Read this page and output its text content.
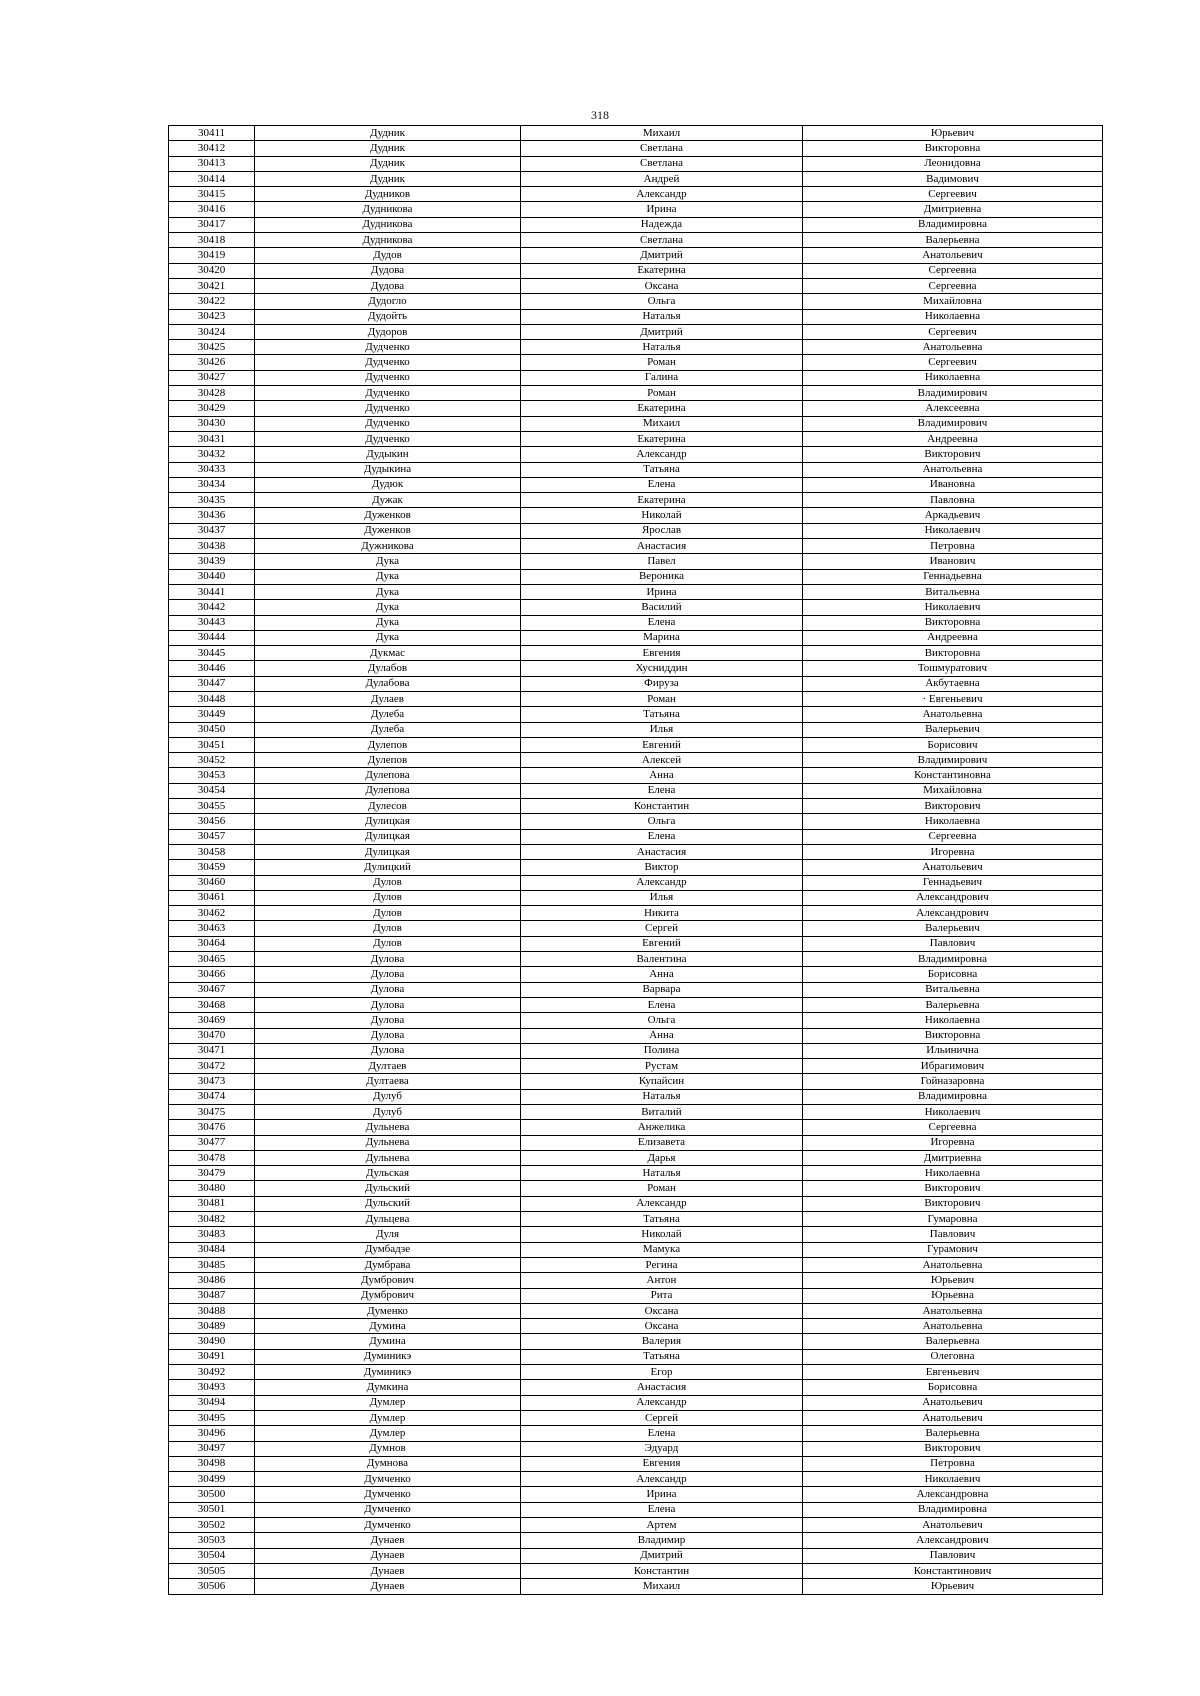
318
30411	Дудник	Михаил	Юрьевич
30412	Дудник	Светлана	Викторовна
30413	Дудник	Светлана	Леонидовна
30414	Дудник	Андрей	Вадимович
30415	Дудников	Александр	Сергеевич
30416	Дудникова	Ирина	Дмитриевна
30417	Дудникова	Надежда	Владимировна
30418	Дудникова	Светлана	Валерьевна
30419	Дудов	Дмитрий	Анатольевич
30420	Дудова	Екатерина	Сергеевна
30421	Дудова	Оксана	Сергеевна
30422	Дудогло	Ольга	Михайловна
30423	Дудойть	Наталья	Николаевна
30424	Дудоров	Дмитрий	Сергеевич
30425	Дудченко	Наталья	Анатольевна
30426	Дудченко	Роман	Сергеевич
30427	Дудченко	Галина	Николаевна
30428	Дудченко	Роман	Владимирович
30429	Дудченко	Екатерина	Алексеевна
30430	Дудченко	Михаил	Владимирович
30431	Дудченко	Екатерина	Андреевна
30432	Дудыкин	Александр	Викторович
30433	Дудыкина	Татьяна	Анатольевна
30434	Дудюк	Елена	Ивановна
30435	Дужак	Екатерина	Павловна
30436	Дуженков	Николай	Аркадьевич
30437	Дуженков	Ярослав	Николаевич
30438	Дужникова	Анастасия	Петровна
30439	Дука	Павел	Иванович
30440	Дука	Вероника	Геннадьевна
30441	Дука	Ирина	Витальевна
30442	Дука	Василий	Николаевич
30443	Дука	Елена	Викторовна
30444	Дука	Марина	Андреевна
30445	Дукмас	Евгения	Викторовна
30446	Дулабов	Хусниддин	Тошмуратович
30447	Дулабова	Фируза	Акбутаевна
30448	Дулаев	Роман	· Евгеньевич
30449	Дулеба	Татьяна	Анатольевна
30450	Дулеба	Илья	Валерьевич
30451	Дулепов	Евгений	Борисович
30452	Дулепов	Алексей	Владимирович
30453	Дулепова	Анна	Константиновна
30454	Дулепова	Елена	Михайловна
30455	Дулесов	Константин	Викторович
30456	Дулицкая	Ольга	Николаевна
30457	Дулицкая	Елена	Сергеевна
30458	Дулицкая	Анастасия	Игоревна
30459	Дулицкий	Виктор	Анатольевич
30460	Дулов	Александр	Геннадьевич
30461	Дулов	Илья	Александрович
30462	Дулов	Никита	Александрович
30463	Дулов	Сергей	Валерьевич
30464	Дулов	Евгений	Павлович
30465	Дулова	Валентина	Владимировна
30466	Дулова	Анна	Борисовна
30467	Дулова	Варвара	Витальевна
30468	Дулова	Елена	Валерьевна
30469	Дулова	Ольга	Николаевна
30470	Дулова	Анна	Викторовна
30471	Дулова	Полина	Ильинична
30472	Дултаев	Рустам	Ибрагимович
30473	Дултаева	Купайсин	Гойназаровна
30474	Дулуб	Наталья	Владимировна
30475	Дулуб	Виталий	Николаевич
30476	Дульнева	Анжелика	Сергеевна
30477	Дульнева	Елизавета	Игоревна
30478	Дульнева	Дарья	Дмитриевна
30479	Дульская	Наталья	Николаевна
30480	Дульский	Роман	Викторович
30481	Дульский	Александр	Викторович
30482	Дульцева	Татьяна	Гумаровна
30483	Дуля	Николай	Павлович
30484	Думбадзе	Мамука	Гурамович
30485	Думбрава	Регина	Анатольевна
30486	Думбрович	Антон	Юрьевич
30487	Думбрович	Рита	Юрьевна
30488	Думенко	Оксана	Анатольевна
30489	Думина	Оксана	Анатольевна
30490	Думина	Валерия	Валерьевна
30491	Думиникэ	Татьяна	Олеговна
30492	Думиникэ	Егор	Евгеньевич
30493	Думкина	Анастасия	Борисовна
30494	Думлер	Александр	Анатольевич
30495	Думлер	Сергей	Анатольевич
30496	Думлер	Елена	Валерьевна
30497	Думнов	Эдуард	Викторович
30498	Думнова	Евгения	Петровна
30499	Думченко	Александр	Николаевич
30500	Думченко	Ирина	Александровна
30501	Думченко	Елена	Владимировна
30502	Думченко	Артем	Анатольевич
30503	Дунаев	Владимир	Александрович
30504	Дунаев	Дмитрий	Павлович
30505	Дунаев	Константин	Константинович
30506	Дунаев	Михаил	Юрьевич
